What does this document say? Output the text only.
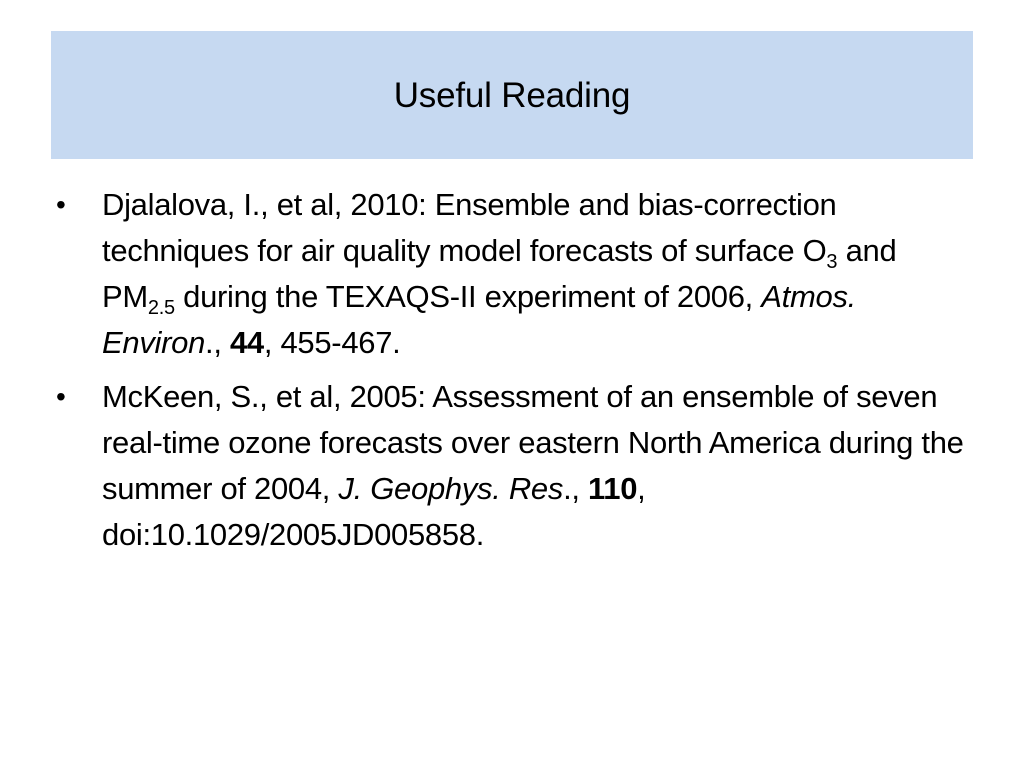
Useful Reading
•	Djalalova, I., et al, 2010: Ensemble and bias-correction techniques for air quality model forecasts of surface $O_3$ and $PM_{2.5}$ during the TEXAQS-II experiment of 2006, Atmos. Environ., 44, 455-467.
•	McKeen, S., et al, 2005: Assessment of an ensemble of seven real-time ozone forecasts over eastern North America during the summer of 2004, J. Geophys. Res., 110, doi:10.1029/2005JD005858.
